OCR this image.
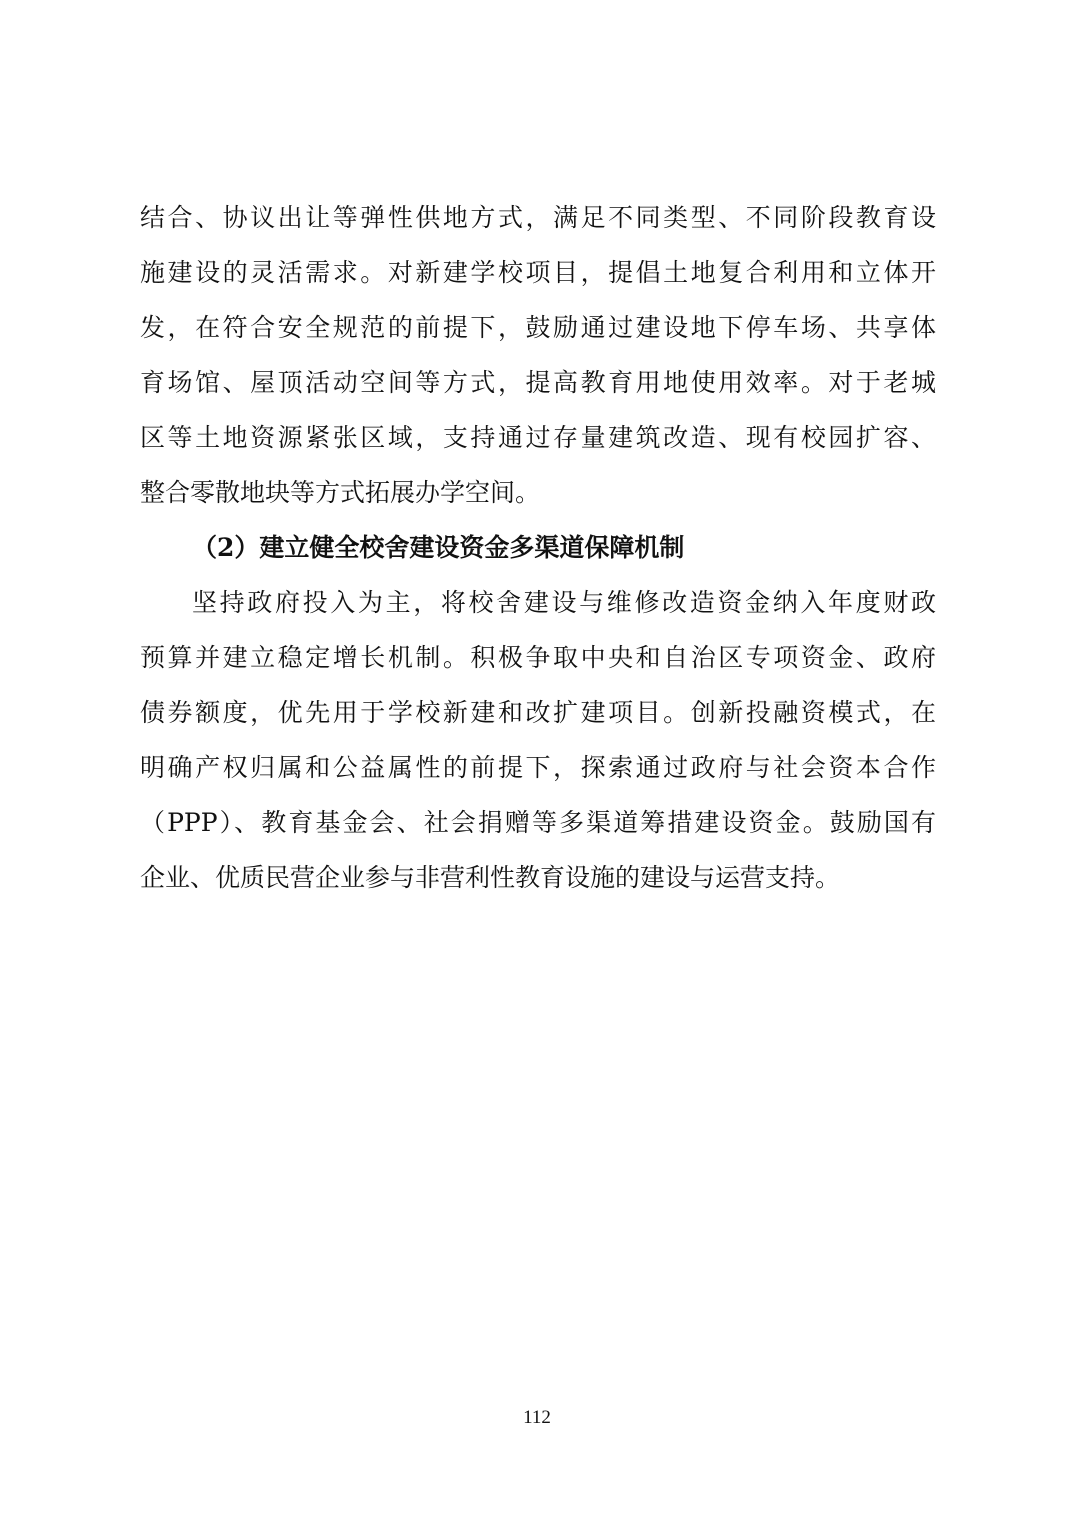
结合、协议出让等弹性供地方式，满足不同类型、不同阶段教育设
施建设的灵活需求。对新建学校项目，提倡土地复合利用和立体开
发，在符合安全规范的前提下，鼓励通过建设地下停车场、共享体
育场馆、屋顶活动空间等方式，提高教育用地使用效率。对于老城
区等土地资源紧张区域，支持通过存量建筑改造、现有校园扩容、
整合零散地块等方式拓展办学空间。
（2）建立健全校舍建设资金多渠道保障机制
坚持政府投入为主，将校舍建设与维修改造资金纳入年度财政
预算并建立稳定增长机制。积极争取中央和自治区专项资金、政府
债券额度，优先用于学校新建和改扩建项目。创新投融资模式，在
明确产权归属和公益属性的前提下，探索通过政府与社会资本合作
（PPP）、教育基金会、社会捐赠等多渠道筹措建设资金。鼓励国有
企业、优质民营企业参与非营利性教育设施的建设与运营支持。
112
